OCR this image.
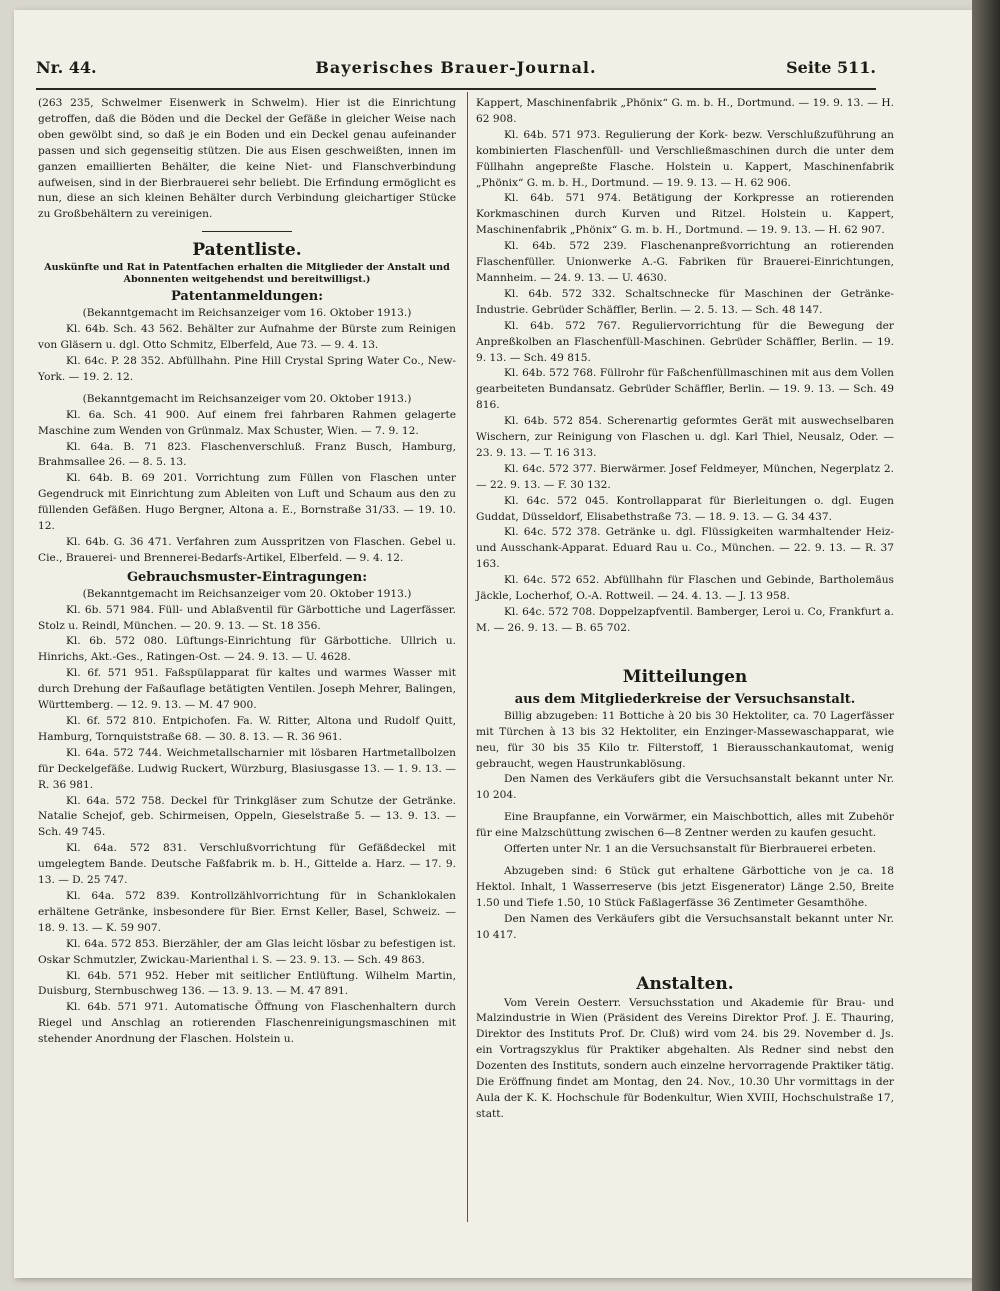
Bayerisches Brauer-Journal.
Nr. 44.	Seite 511.

(263 235, Schwelmer Eisenwerk in Schwelm). Hier ist die Einrichtung getroffen, daß die Böden und die Deckel der Gefäße in gleicher Weise nach oben gewölbt sind, so daß je ein Boden und ein Deckel genau aufeinander passen und sich gegenseitig stützen. Die aus Eisen geschweißten, innen im ganzen emaillierten Behälter, die keine Niet- und Flanschverbindung aufweisen, sind in der Bierbrauerei sehr beliebt. Die Erfindung ermöglicht es nun, diese an sich kleinen Behälter durch Verbindung gleichartiger Stücke zu Großbehältern zu vereinigen.

Patentliste.
Auskünfte und Rat in Patentfachen erhalten die Mitglieder der Anstalt und Abonnenten weitgehendst und bereitwilligst.)
Patentanmeldungen:

(Bekanntgemacht im Reichsanzeiger vom 16. Oktober 1913.)

Kl. 64b. Sch. 43 562. Behälter zur Aufnahme der Bürste zum Reinigen von Gläsern u. dgl. Otto Schmitz, Elberfeld, Aue 73. — 9. 4. 13.

Kl. 64c. P. 28 352. Abfüllhahn. Pine Hill Crystal Spring Water Co., New-York. — 19. 2. 12.

(Bekanntgemacht im Reichsanzeiger vom 20. Oktober 1913.)

Kl. 6a. Sch. 41 900. Auf einem frei fahrbaren Rahmen gelagerte Maschine zum Wenden von Grünmalz. Max Schuster, Wien. — 7. 9. 12.

Kl. 64a. B. 71 823. Flaschenverschluß. Franz Busch, Hamburg, Brahmsallee 26. — 8. 5. 13.

Kl. 64b. B. 69 201. Vorrichtung zum Füllen von Flaschen unter Gegendruck mit Einrichtung zum Ableiten von Luft und Schaum aus den zu füllenden Gefäßen. Hugo Bergner, Altona a. E., Bornstraße 31/33. — 19. 10. 12.

Kl. 64b. G. 36 471. Verfahren zum Ausspritzen von Flaschen. Gebel u. Cie., Brauerei- und Brennerei-Bedarfs-Artikel, Elberfeld. — 9. 4. 12.

Gebrauchsmuster-Eintragungen:

(Bekanntgemacht im Reichsanzeiger vom 20. Oktober 1913.)

Kl. 6b. 571 984. Füll- und Ablaßventil für Gärbottiche und Lagerfässer. Stolz u. Reindl, München. — 20. 9. 13. — St. 18 356.

Kl. 6b. 572 080. Lüftungs-Einrichtung für Gärbottiche. Ullrich u. Hinrichs, Akt.-Ges., Ratingen-Ost. — 24. 9. 13. — U. 4628.

Kl. 6f. 571 951. Faßspülapparat für kaltes und warmes Wasser mit durch Drehung der Faßauflage betätigten Ventilen. Joseph Mehrer, Balingen, Württemberg. — 12. 9. 13. — M. 47 900.

Kl. 6f. 572 810. Entpichofen. Fa. W. Ritter, Altona und Rudolf Quitt, Hamburg, Tornquiststraße 68. — 30. 8. 13. — R. 36 961.

Kl. 64a. 572 744. Weichmetallscharnier mit lösbaren Hartmetallbolzen für Deckelgefäße. Ludwig Ruckert, Würzburg, Blasiusgasse 13. — 1. 9. 13. — R. 36 981.

Kl. 64a. 572 758. Deckel für Trinkgläser zum Schutze der Getränke. Natalie Schejof, geb. Schirmeisen, Oppeln, Gieselstraße 5. — 13. 9. 13. — Sch. 49 745.

Kl. 64a. 572 831. Verschlußvorrichtung für Gefäßdeckel mit umgelegtem Bande. Deutsche Faßfabrik m. b. H., Gittelde a. Harz. — 17. 9. 13. — D. 25 747.

Kl. 64a. 572 839. Kontrollzählvorrichtung für in Schanklokalen erhältene Getränke, insbesondere für Bier. Ernst Keller, Basel, Schweiz. — 18. 9. 13. — K. 59 907.

Kl. 64a. 572 853. Bierzähler, der am Glas leicht lösbar zu befestigen ist. Oskar Schmutzler, Zwickau-Marienthal i. S. — 23. 9. 13. — Sch. 49 863.

Kl. 64b. 571 952. Heber mit seitlicher Entlüftung. Wilhelm Martin, Duisburg, Sternbuschweg 136. — 13. 9. 13. — M. 47 891.

Kl. 64b. 571 971. Automatische Öffnung von Flaschenhaltern durch Riegel und Anschlag an rotierenden Flaschenreinigungsmaschinen mit stehender Anordnung der Flaschen. Holstein u.

Kappert, Maschinenfabrik „Phönix“ G. m. b. H., Dortmund. — 19. 9. 13. — H. 62 908.

Kl. 64b. 571 973. Regulierung der Kork- bezw. Verschlußzuführung an kombinierten Flaschenfüll- und Verschließmaschinen durch die unter dem Füllhahn angepreßte Flasche. Holstein u. Kappert, Maschinenfabrik „Phönix“ G. m. b. H., Dortmund. — 19. 9. 13. — H. 62 906.

Kl. 64b. 571 974. Betätigung der Korkpresse an rotierenden Korkmaschinen durch Kurven und Ritzel. Holstein u. Kappert, Maschinenfabrik „Phönix“ G. m. b. H., Dortmund. — 19. 9. 13. — H. 62 907.

Kl. 64b. 572 239. Flaschenanpreßvorrichtung an rotierenden Flaschenfüller. Unionwerke A.-G. Fabriken für Brauerei-Einrichtungen, Mannheim. — 24. 9. 13. — U. 4630.

Kl. 64b. 572 332. Schaltschnecke für Maschinen der Getränke-Industrie. Gebrüder Schäffler, Berlin. — 2. 5. 13. — Sch. 48 147.

Kl. 64b. 572 767. Reguliervorrichtung für die Bewegung der Anpreßkolben an Flaschenfüll-Maschinen. Gebrüder Schäffler, Berlin. — 19. 9. 13. — Sch. 49 815.

Kl. 64b. 572 768. Füllrohr für Faßchenfüllmaschinen mit aus dem Vollen gearbeiteten Bundansatz. Gebrüder Schäffler, Berlin. — 19. 9. 13. — Sch. 49 816.

Kl. 64b. 572 854. Scherenartig geformtes Gerät mit auswechselbaren Wischern, zur Reinigung von Flaschen u. dgl. Karl Thiel, Neusalz, Oder. — 23. 9. 13. — T. 16 313.

Kl. 64c. 572 377. Bierwärmer. Josef Feldmeyer, München, Negerplatz 2. — 22. 9. 13. — F. 30 132.

Kl. 64c. 572 045. Kontrollapparat für Bierleitungen o. dgl. Eugen Guddat, Düsseldorf, Elisabethstraße 73. — 18. 9. 13. — G. 34 437.

Kl. 64c. 572 378. Getränke u. dgl. Flüssigkeiten warmhaltender Heiz- und Ausschank-Apparat. Eduard Rau u. Co., München. — 22. 9. 13. — R. 37 163.

Kl. 64c. 572 652. Abfüllhahn für Flaschen und Gebinde, Bartholemäus Jäckle, Locherhof, O.-A. Rottweil. — 24. 4. 13. — J. 13 958.

Kl. 64c. 572 708. Doppelzapfventil. Bamberger, Leroi u. Co, Frankfurt a. M. — 26. 9. 13. — B. 65 702.

Mitteilungen
aus dem Mitgliederkreise der Versuchsanstalt.

Billig abzugeben: 11 Bottiche à 20 bis 30 Hektoliter, ca. 70 Lagerfässer mit Türchen à 13 bis 32 Hektoliter, ein Enzinger-Massewaschapparat, wie neu, für 30 bis 35 Kilo tr. Filterstoff, 1 Bierausschankautomat, wenig gebraucht, wegen Haustrunkablösung.

Den Namen des Verkäufers gibt die Versuchsanstalt bekannt unter Nr. 10 204.

Eine Braupfanne, ein Vorwärmer, ein Maischbottich, alles mit Zubehör für eine Malzschüttung zwischen 6—8 Zentner werden zu kaufen gesucht.

Offerten unter Nr. 1 an die Versuchsanstalt für Bierbrauerei erbeten.

Abzugeben sind: 6 Stück gut erhaltene Gärbottiche von je ca. 18 Hektol. Inhalt, 1 Wasserreserve (bis jetzt Eisgenerator) Länge 2.50, Breite 1.50 und Tiefe 1.50, 10 Stück Faßlagerfässe 36 Zentimeter Gesamthöhe.

Den Namen des Verkäufers gibt die Versuchsanstalt bekannt unter Nr. 10 417.

Anstalten.

Vom Verein Oesterr. Versuchsstation und Akademie für Brau- und Malzindustrie in Wien (Präsident des Vereins Direktor Prof. J. E. Thauring, Direktor des Instituts Prof. Dr. Cluß) wird vom 24. bis 29. November d. Js. ein Vortragszyklus für Praktiker abgehalten. Als Redner sind nebst den Dozenten des Instituts, sondern auch einzelne hervorragende Praktiker tätig. Die Eröffnung findet am Montag, den 24. Nov., 10.30 Uhr vormittags in der Aula der K. K. Hochschule für Bodenkultur, Wien XVIII, Hochschulstraße 17, statt.
